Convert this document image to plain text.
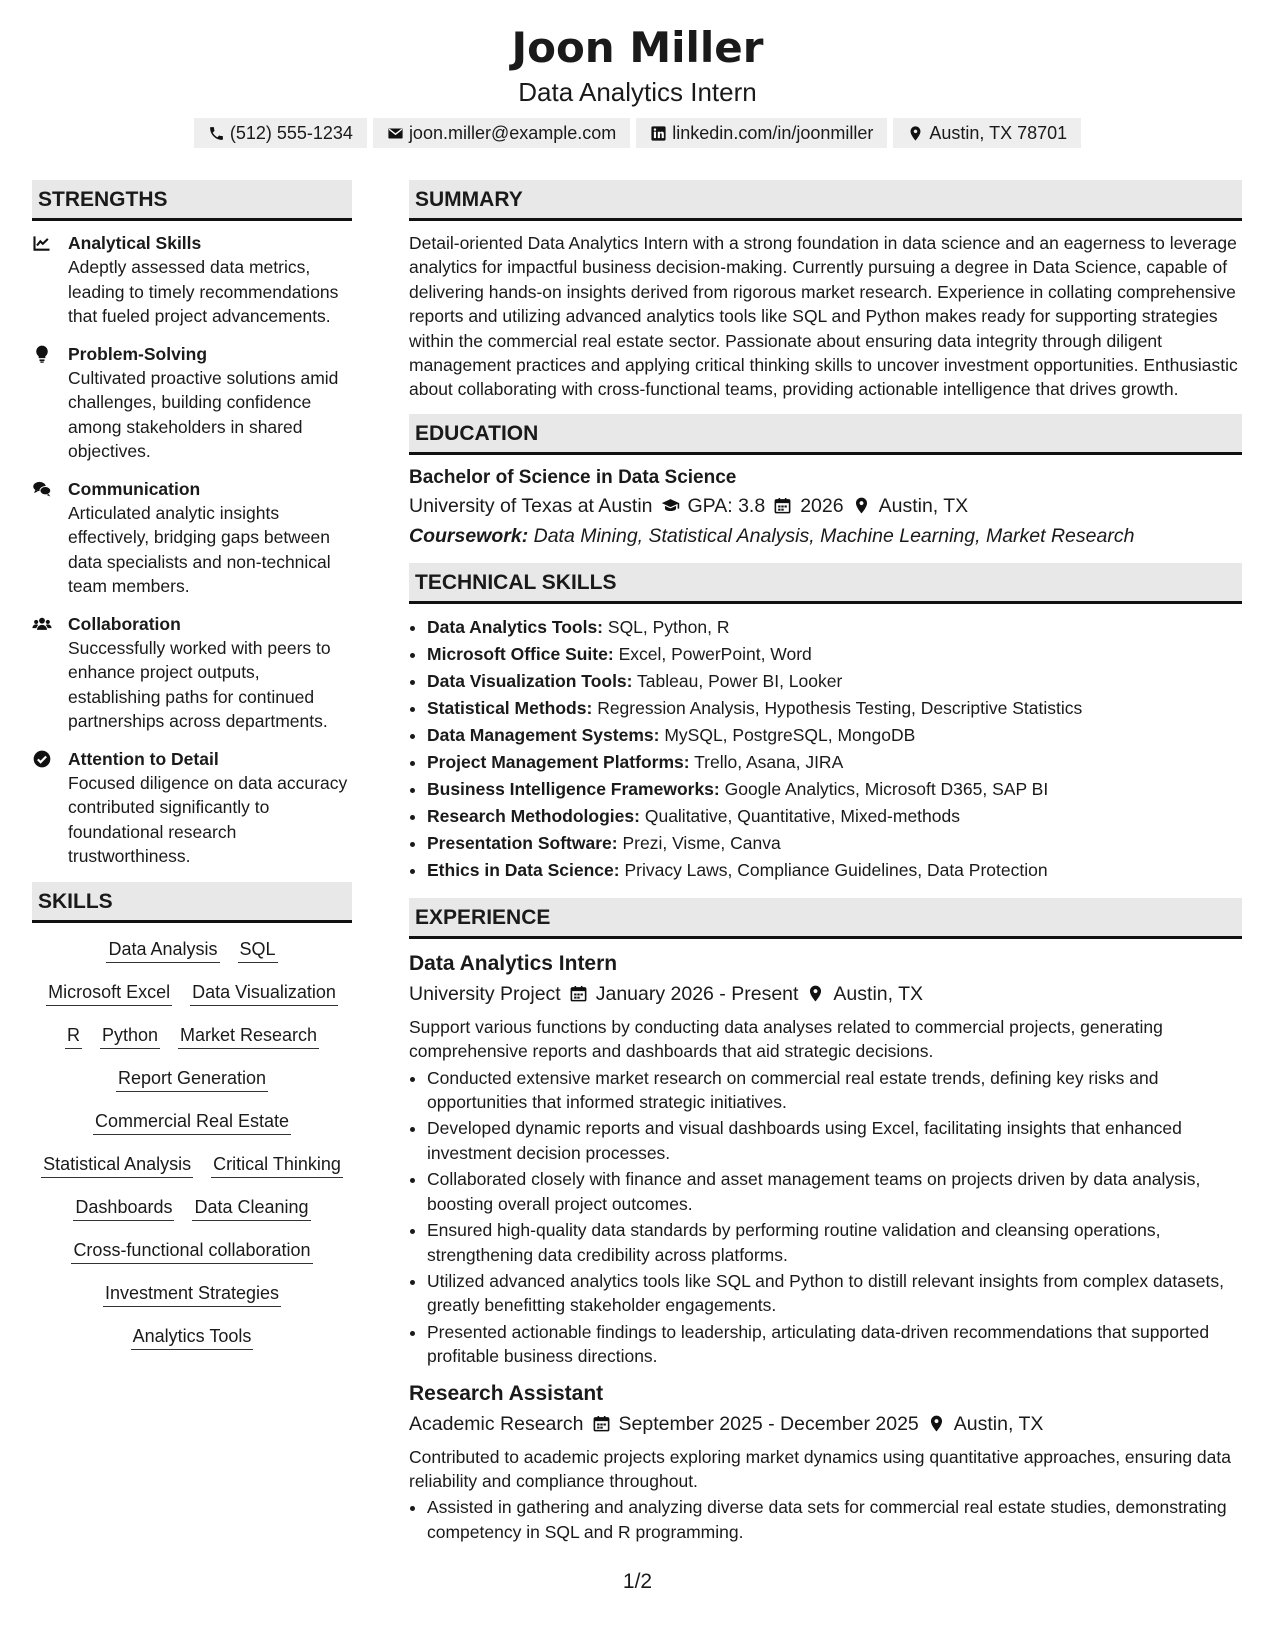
Joon Miller
Data Analytics Intern
(512) 555-1234	joon.miller@example.com	linkedin.com/in/joonmiller	Austin, TX 78701
STRENGTHS
Analytical Skills
Adeptly assessed data metrics, leading to timely recommendations that fueled project advancements.
Problem-Solving
Cultivated proactive solutions amid challenges, building confidence among stakeholders in shared objectives.
Communication
Articulated analytic insights effectively, bridging gaps between data specialists and non-technical team members.
Collaboration
Successfully worked with peers to enhance project outputs, establishing paths for continued partnerships across departments.
Attention to Detail
Focused diligence on data accuracy contributed significantly to foundational research trustworthiness.
SKILLS
Data Analysis SQL
Microsoft Excel Data Visualization
R Python Market Research
Report Generation
Commercial Real Estate
Statistical Analysis Critical Thinking
Dashboards Data Cleaning
Cross-functional collaboration
Investment Strategies
Analytics Tools
SUMMARY

Detail-oriented Data Analytics Intern with a strong foundation in data science and an eagerness to leverage analytics for impactful business decision-making. Currently pursuing a degree in Data Science, capable of delivering hands-on insights derived from rigorous market research. Experience in collating comprehensive reports and utilizing advanced analytics tools like SQL and Python makes ready for supporting strategies within the commercial real estate sector. Passionate about ensuring data integrity through diligent management practices and applying critical thinking skills to uncover investment opportunities. Enthusiastic about collaborating with cross-functional teams, providing actionable intelligence that drives growth.

EDUCATION
Bachelor of Science in Data Science
University of Texas at Austin GPA: 3.8 2026 Austin, TX
Coursework: Data Mining, Statistical Analysis, Machine Learning, Market Research
TECHNICAL SKILLS
• Data Analytics Tools: SQL, Python, R
• Microsoft Office Suite: Excel, PowerPoint, Word
• Data Visualization Tools: Tableau, Power BI, Looker
• Statistical Methods: Regression Analysis, Hypothesis Testing, Descriptive Statistics
• Data Management Systems: MySQL, PostgreSQL, MongoDB
• Project Management Platforms: Trello, Asana, JIRA
• Business Intelligence Frameworks: Google Analytics, Microsoft D365, SAP BI
• Research Methodologies: Qualitative, Quantitative, Mixed-methods
• Presentation Software: Prezi, Visme, Canva
• Ethics in Data Science: Privacy Laws, Compliance Guidelines, Data Protection
EXPERIENCE
Data Analytics Intern
University Project January 2026 - Present Austin, TX
Support various functions by conducting data analyses related to commercial projects, generating comprehensive reports and dashboards that aid strategic decisions.
• Conducted extensive market research on commercial real estate trends, defining key risks and opportunities that informed strategic initiatives.
• Developed dynamic reports and visual dashboards using Excel, facilitating insights that enhanced investment decision processes.
• Collaborated closely with finance and asset management teams on projects driven by data analysis, boosting overall project outcomes.
• Ensured high-quality data standards by performing routine validation and cleansing operations, strengthening data credibility across platforms.
• Utilized advanced analytics tools like SQL and Python to distill relevant insights from complex datasets, greatly benefitting stakeholder engagements.
• Presented actionable findings to leadership, articulating data-driven recommendations that supported profitable business directions.
Research Assistant
Academic Research September 2025 - December 2025 Austin, TX
Contributed to academic projects exploring market dynamics using quantitative approaches, ensuring data reliability and compliance throughout.
• Assisted in gathering and analyzing diverse data sets for commercial real estate studies, demonstrating competency in SQL and R programming.
1/2
